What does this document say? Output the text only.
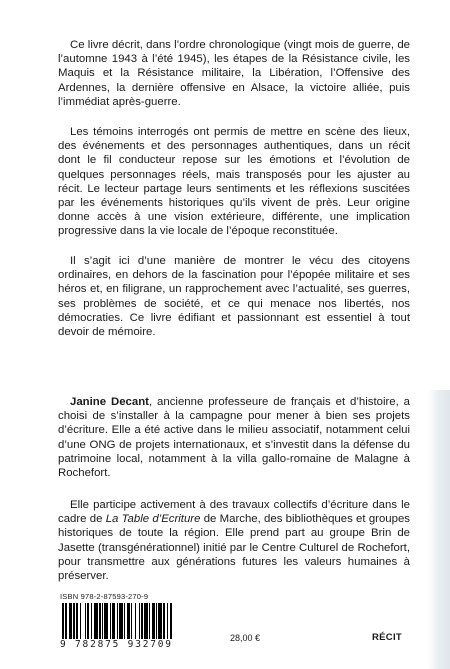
Ce livre décrit, dans l’ordre chronologique (vingt mois de guerre, de l’automne 1943 à l’été 1945), les étapes de la Résistance civile, les Maquis et la Résistance militaire, la Libération, l’Offensive des Ardennes, la dernière offensive en Alsace, la victoire alliée, puis l’immédiat après-guerre.

Les témoins interrogés ont permis de mettre en scène des lieux, des événements et des personnages authentiques, dans un récit dont le fil conducteur repose sur les émotions et l’évolution de quelques personnages réels, mais transposés pour les ajuster au récit. Le lecteur partage leurs sentiments et les réflexions suscitées par les événements historiques qu’ils vivent de près. Leur origine donne accès à une vision extérieure, différente, une implication progressive dans la vie locale de l’époque reconstituée.

Il s’agit ici d’une manière de montrer le vécu des citoyens ordinaires, en dehors de la fascination pour l’épopée militaire et ses héros et, en filigrane, un rapprochement avec l’actualité, ses guerres, ses problèmes de société, et ce qui menace nos libertés, nos démocraties. Ce livre édifiant et passionnant est essentiel à tout devoir de mémoire.

Janine Decant, ancienne professeure de français et d’histoire, a choisi de s’installer à la campagne pour mener à bien ses projets d’écriture. Elle a été active dans le milieu associatif, notamment celui d’une ONG de projets internationaux, et s’investit dans la défense du patrimoine local, notamment à la villa gallo-romaine de Malagne à Rochefort.

Elle participe activement à des travaux collectifs d’écriture dans le cadre de La Table d’Ecriture de Marche, des bibliothèques et groupes historiques de toute la région. Elle prend part au groupe Brin de Jasette (transgénérationnel) initié par le Centre Culturel de Rochefort, pour transmettre aux générations futures les valeurs humaines à préserver.

ISBN 978-2-87593-270-9
9 782875 932709
28,00 €	RÉCIT
